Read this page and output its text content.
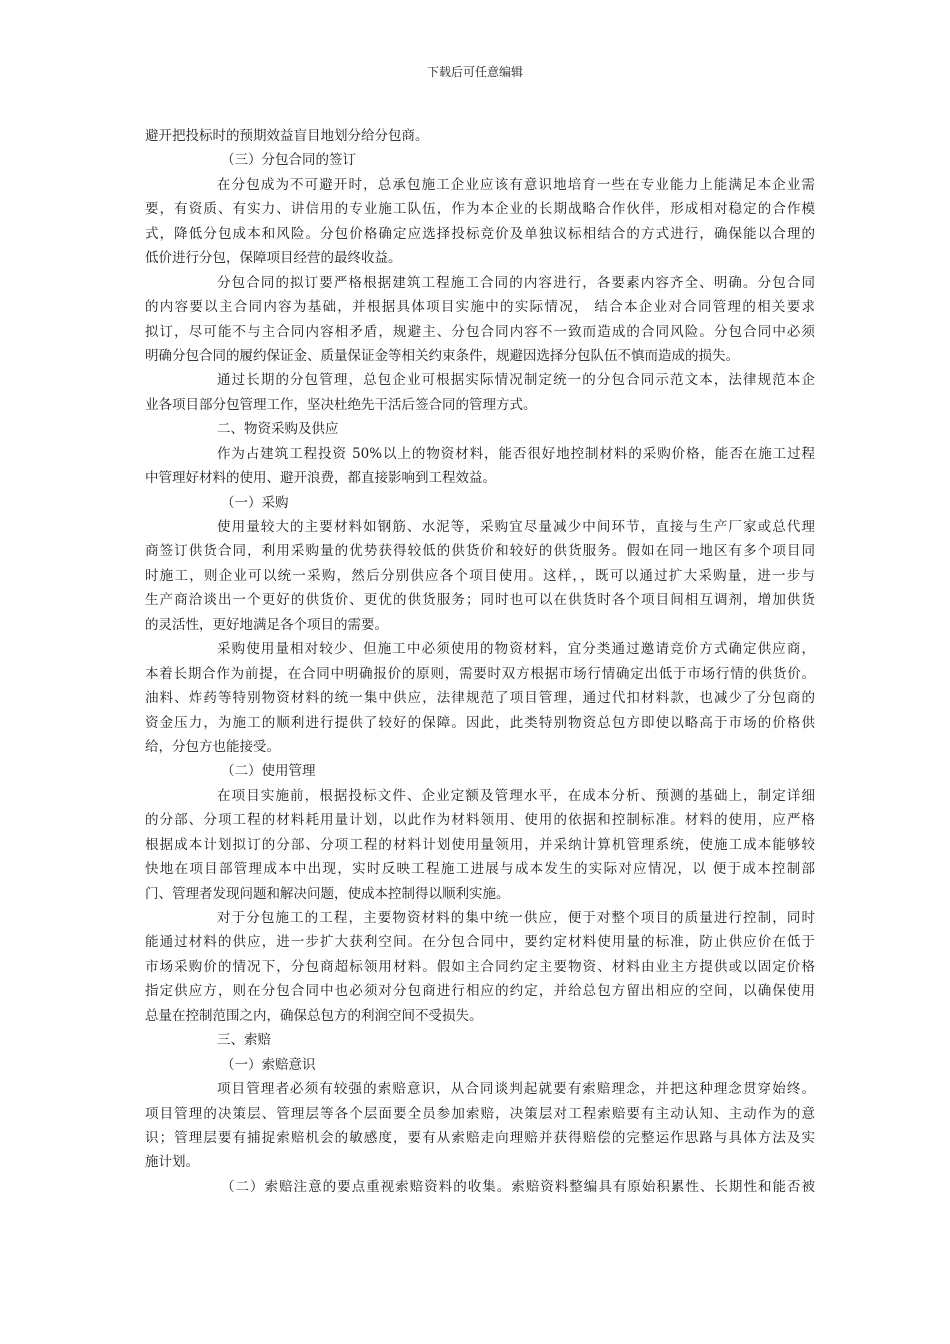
下载后可任意编辑
避开把投标时的预期效益盲目地划分给分包商。
（三）分包合同的签订
在分包成为不可避开时，总承包施工企业应该有意识地培育一些在专业能力上能满足本企业需
要，有资质、有实力、讲信用的专业施工队伍，作为本企业的长期战略合作伙伴，形成相对稳定的合作模
式，降低分包成本和风险。分包价格确定应选择投标竞价及单独议标相结合的方式进行，确保能以合理的
低价进行分包，保障项目经营的最终收益。
分包合同的拟订要严格根据建筑工程施工合同的内容进行，各要素内容齐全、明确。分包合同
的内容要以主合同内容为基础，并根据具体项目实施中的实际情况， 结合本企业对合同管理的相关要求
拟订，尽可能不与主合同内容相矛盾，规避主、分包合同内容不一致而造成的合同风险。分包合同中必须
明确分包合同的履约保证金、质量保证金等相关约束条件，规避因选择分包队伍不慎而造成的损失。
通过长期的分包管理，总包企业可根据实际情况制定统一的分包合同示范文本，法律规范本企
业各项目部分包管理工作，坚决杜绝先干活后签合同的管理方式。
二、物资采购及供应
作为占建筑工程投资 50%以上的物资材料，能否很好地控制材料的采购价格，能否在施工过程
中管理好材料的使用、避开浪费，都直接影响到工程效益。
（一）采购
使用量较大的主要材料如钢筋、水泥等，采购宜尽量减少中间环节，直接与生产厂家或总代理
商签订供货合同，利用采购量的优势获得较低的供货价和较好的供货服务。假如在同一地区有多个项目同
时施工，则企业可以统一采购，然后分别供应各个项目使用。这样，，既可以通过扩大采购量，进一步与
生产商洽谈出一个更好的供货价、更优的供货服务；同时也可以在供货时各个项目间相互调剂，增加供货
的灵活性，更好地满足各个项目的需要。
采购使用量相对较少、但施工中必须使用的物资材料，宜分类通过邀请竞价方式确定供应商，
本着长期合作为前提，在合同中明确报价的原则，需要时双方根据市场行情确定出低于市场行情的供货价。
油料、炸药等特别物资材料的统一集中供应，法律规范了项目管理，通过代扣材料款，也减少了分包商的
资金压力，为施工的顺利进行提供了较好的保障。因此，此类特别物资总包方即使以略高于市场的价格供
给，分包方也能接受。
（二）使用管理
在项目实施前，根据投标文件、企业定额及管理水平，在成本分析、预测的基础上，制定详细
的分部、分项工程的材料耗用量计划，以此作为材料领用、使用的依据和控制标准。材料的使用，应严格
根据成本计划拟订的分部、分项工程的材料计划使用量领用，并采纳计算机管理系统，使施工成本能够较
快地在项目部管理成本中出现，实时反映工程施工进展与成本发生的实际对应情况，以 便于成本控制部
门、管理者发现问题和解决问题，使成本控制得以顺利实施。
对于分包施工的工程，主要物资材料的集中统一供应，便于对整个项目的质量进行控制，同时
能通过材料的供应，进一步扩大获利空间。在分包合同中，要约定材料使用量的标准，防止供应价在低于
市场采购价的情况下，分包商超标领用材料。假如主合同约定主要物资、材料由业主方提供或以固定价格
指定供应方，则在分包合同中也必须对分包商进行相应的约定，并给总包方留出相应的空间，以确保使用
总量在控制范围之内，确保总包方的利润空间不受损失。
三、索赔
（一）索赔意识
项目管理者必须有较强的索赔意识，从合同谈判起就要有索赔理念，并把这种理念贯穿始终。
项目管理的决策层、管理层等各个层面要全员参加索赔，决策层对工程索赔要有主动认知、主动作为的意
识；管理层要有捕捉索赔机会的敏感度，要有从索赔走向理赔并获得赔偿的完整运作思路与具体方法及实
施计划。
（二）索赔注意的要点重视索赔资料的收集。索赔资料整编具有原始积累性、长期性和能否被
